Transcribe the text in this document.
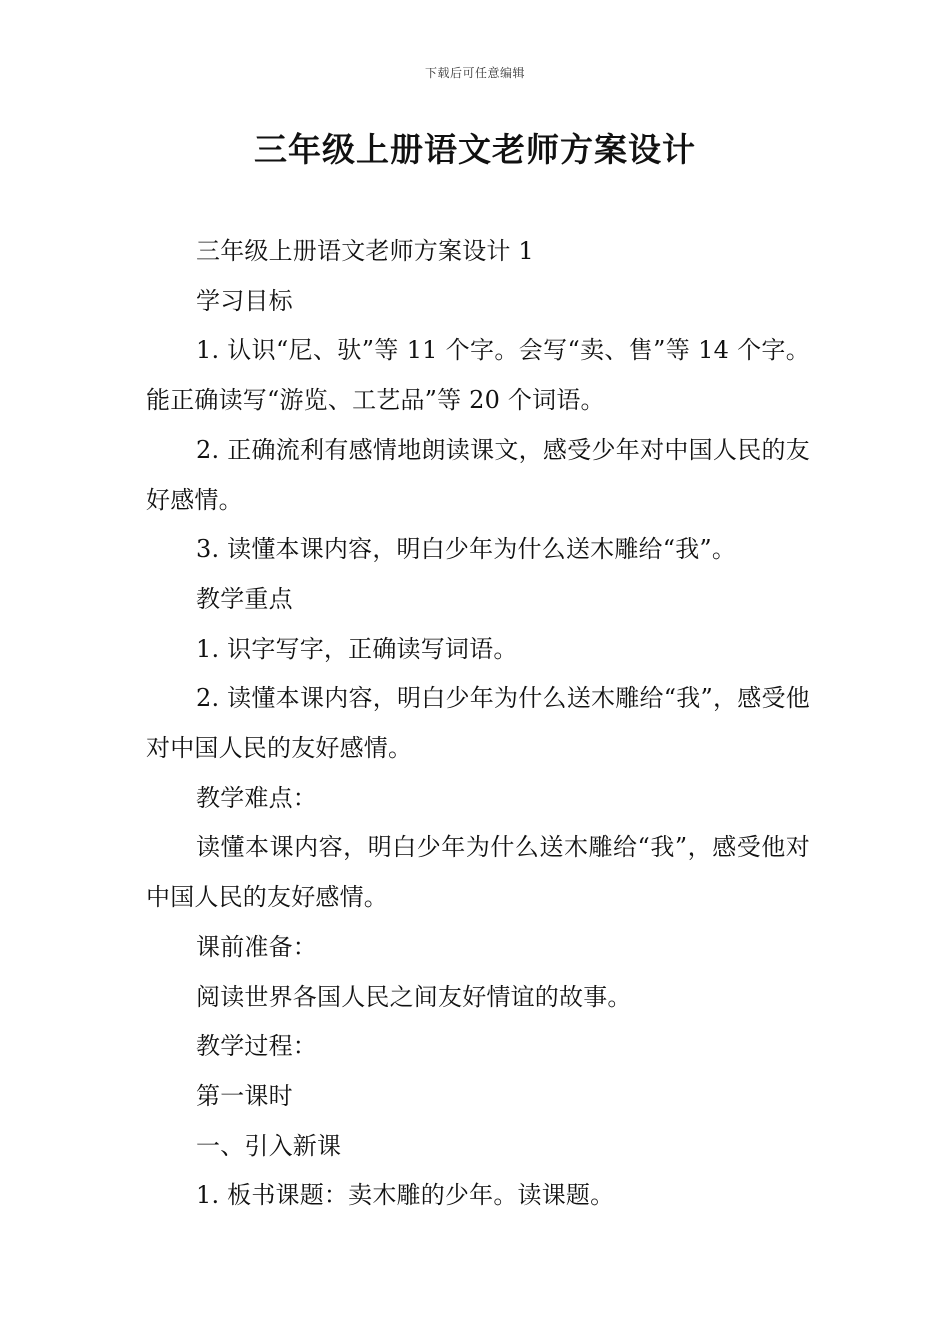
下载后可任意编辑
三年级上册语文老师方案设计

三年级上册语文老师方案设计 1

学习目标

1. 认识“尼、驮”等 11 个字。会写“卖、售”等 14 个字。能正确读写“游览、工艺品”等 20 个词语。

2. 正确流利有感情地朗读课文，感受少年对中国人民的友好感情。

3. 读懂本课内容，明白少年为什么送木雕给“我”。

教学重点

1. 识字写字，正确读写词语。

2. 读懂本课内容，明白少年为什么送木雕给“我”，感受他对中国人民的友好感情。

教学难点：

读懂本课内容，明白少年为什么送木雕给“我”，感受他对中国人民的友好感情。

课前准备：

阅读世界各国人民之间友好情谊的故事。

教学过程：

第一课时

一、引入新课

1. 板书课题：卖木雕的少年。读课题。
